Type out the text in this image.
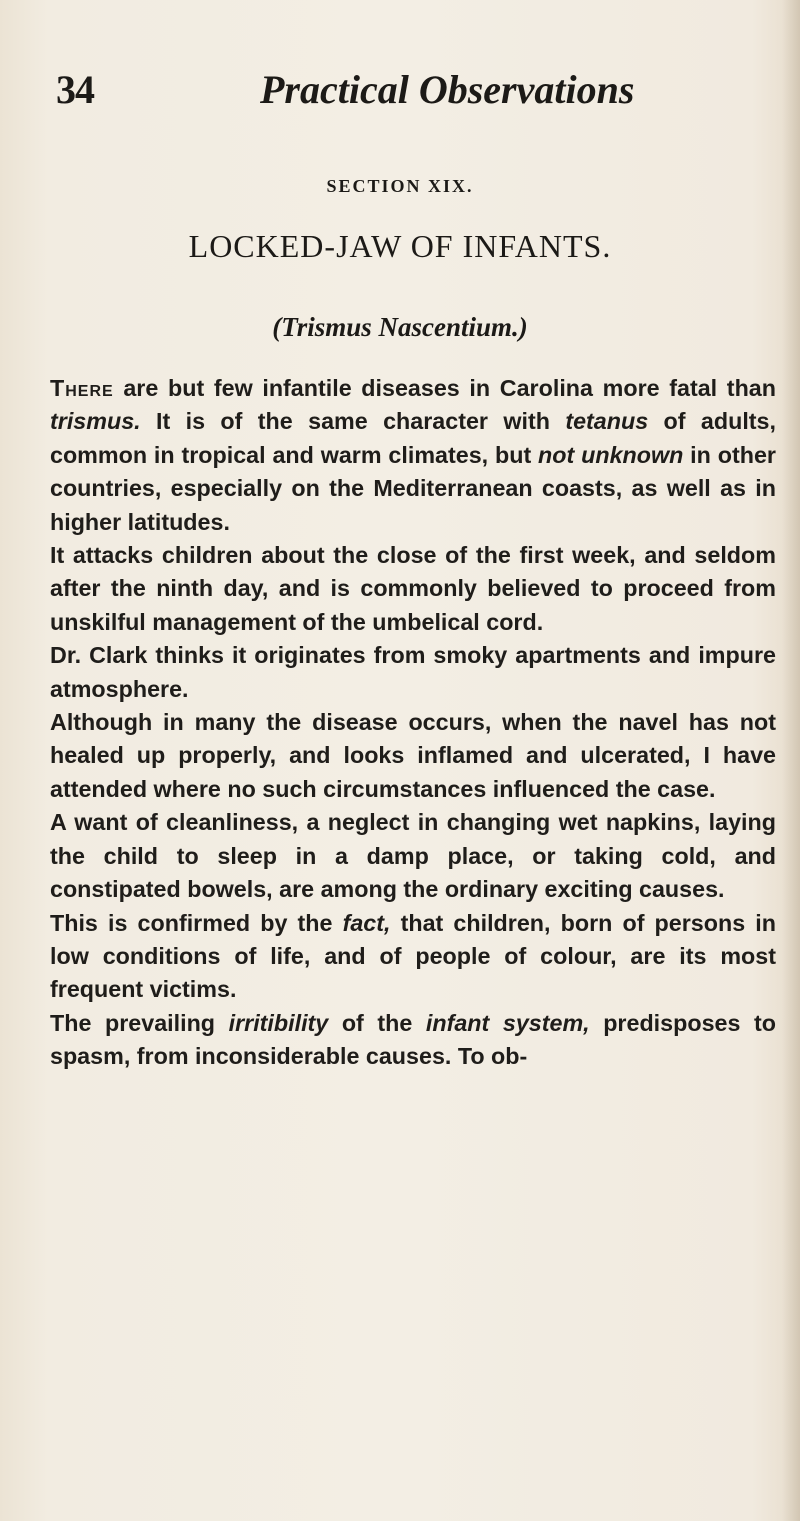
34	Practical Observations
SECTION XIX.
LOCKED-JAW OF INFANTS.
(Trismus Nascentium.)

There are but few infantile diseases in Carolina more fatal than trismus. It is of the same character with tetanus of adults, common in tropical and warm climates, but not unknown in other countries, especially on the Mediterranean coasts, as well as in higher latitudes.

It attacks children about the close of the first week, and seldom after the ninth day, and is commonly believed to proceed from unskilful management of the umbelical cord.

Dr. Clark thinks it originates from smoky apartments and impure atmosphere.

Although in many the disease occurs, when the navel has not healed up properly, and looks inflamed and ulcerated, I have attended where no such circumstances influenced the case.

A want of cleanliness, a neglect in changing wet napkins, laying the child to sleep in a damp place, or taking cold, and constipated bowels, are among the ordinary exciting causes.

This is confirmed by the fact, that children, born of persons in low conditions of life, and of people of colour, are its most frequent victims.

The prevailing irritibility of the infant system, predisposes to spasm, from inconsiderable causes. To ob-
